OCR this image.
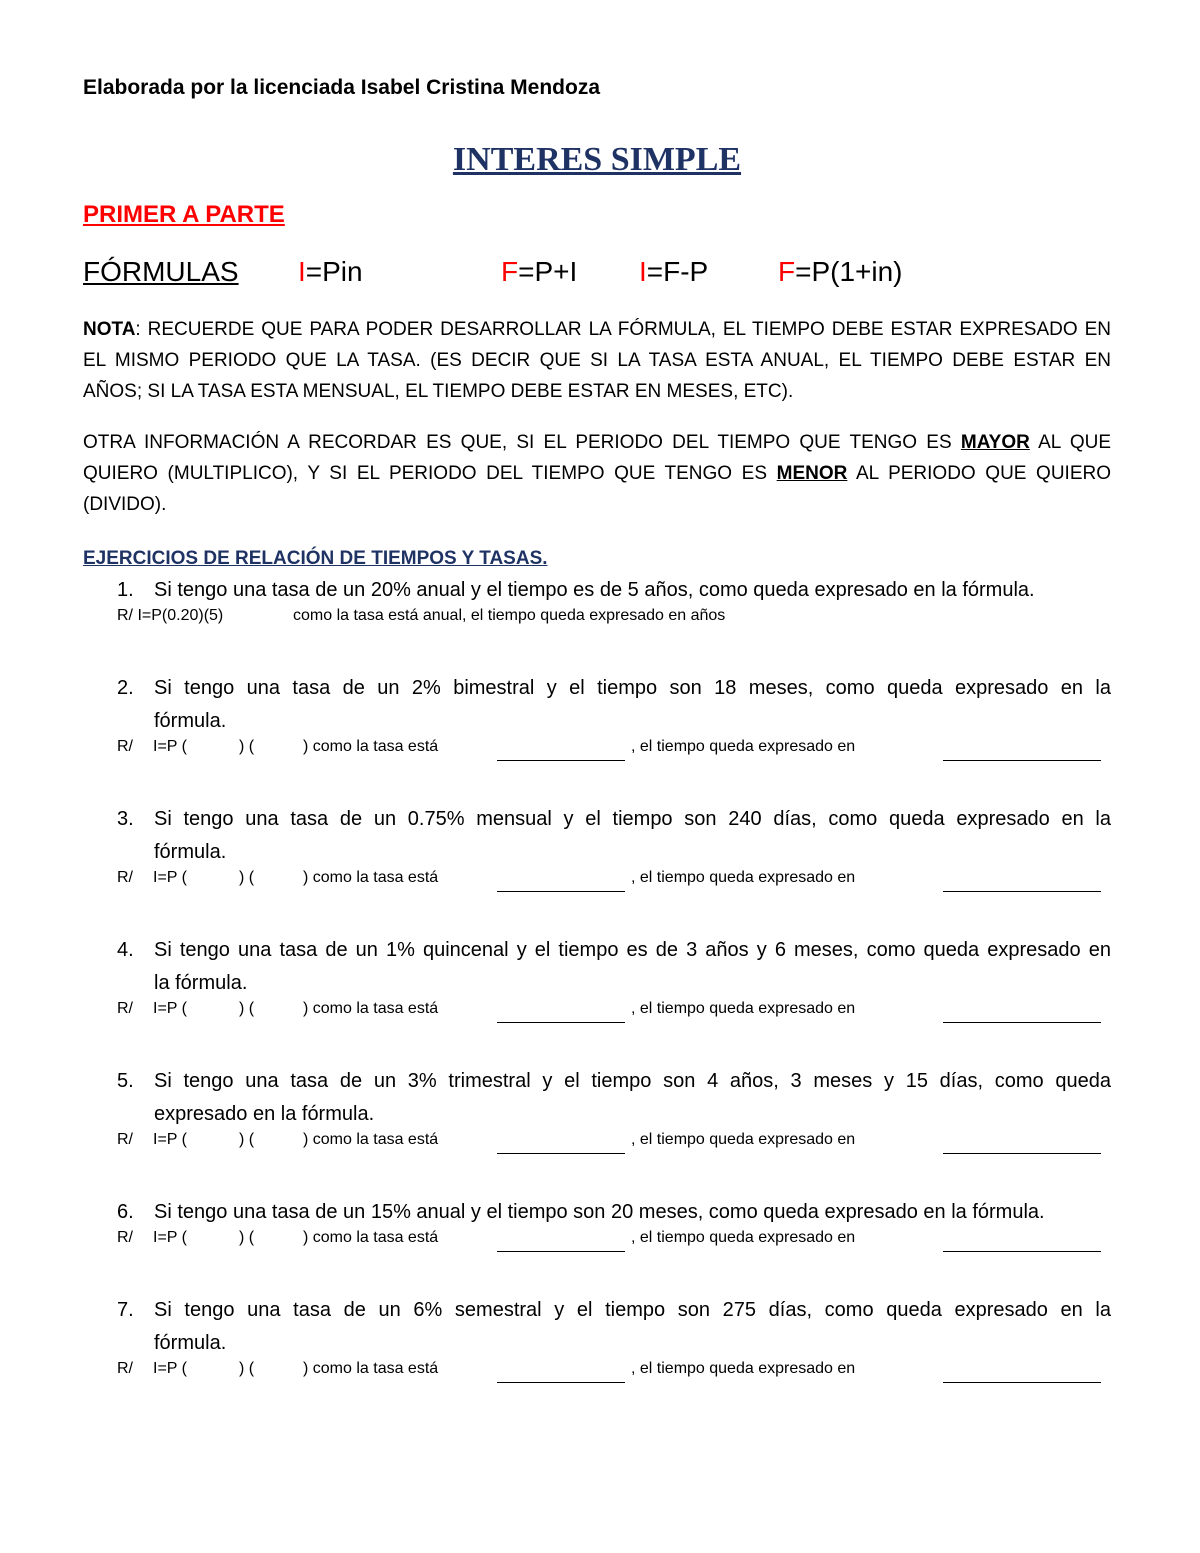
Elaborada por la licenciada Isabel Cristina Mendoza
INTERES SIMPLE
PRIMER A PARTE
FÓRMULAS I=Pin	F=P+I I=F-P F=P(1+in)
NOTA: RECUERDE QUE PARA PODER DESARROLLAR LA FÓRMULA, EL TIEMPO DEBE ESTAR EXPRESADO EN
EL MISMO PERIODO QUE LA TASA. (ES DECIR QUE SI LA TASA ESTA ANUAL, EL TIEMPO DEBE ESTAR EN
AÑOS; SI LA TASA ESTA MENSUAL, EL TIEMPO DEBE ESTAR EN MESES, ETC).
OTRA INFORMACIÓN A RECORDAR ES QUE, SI EL PERIODO DEL TIEMPO QUE TENGO ES MAYOR AL QUE
QUIERO (MULTIPLICO), Y SI EL PERIODO DEL TIEMPO QUE TENGO ES MENOR AL PERIODO QUE QUIERO
(DIVIDO).
EJERCICIOS DE RELACIÓN DE TIEMPOS Y TASAS.
1. Si tengo una tasa de un 20% anual y el tiempo es de 5 años, como queda expresado en la fórmula.
R/ I=P(0.20)(5)	como la tasa está anual, el tiempo queda expresado en años
2. Si tengo una tasa de un 2% bimestral y el tiempo son 18 meses, como queda expresado en la
fórmula.
R/ I=P (	) (	) como la tasa está	, el tiempo queda expresado en
3. Si tengo una tasa de un 0.75% mensual y el tiempo son 240 días, como queda expresado en la
fórmula.
R/ I=P (	) (	) como la tasa está	, el tiempo queda expresado en
4. Si tengo una tasa de un 1% quincenal y el tiempo es de 3 años y 6 meses, como queda expresado en
la fórmula.
R/ I=P (	) (	) como la tasa está	, el tiempo queda expresado en
5. Si tengo una tasa de un 3% trimestral y el tiempo son 4 años, 3 meses y 15 días, como queda
expresado en la fórmula.
R/ I=P (	) (	) como la tasa está	, el tiempo queda expresado en
6. Si tengo una tasa de un 15% anual y el tiempo son 20 meses, como queda expresado en la fórmula.
R/ I=P (	) (	) como la tasa está	, el tiempo queda expresado en
7. Si tengo una tasa de un 6% semestral y el tiempo son 275 días, como queda expresado en la
fórmula.
R/ I=P (	) (	) como la tasa está	, el tiempo queda expresado en
